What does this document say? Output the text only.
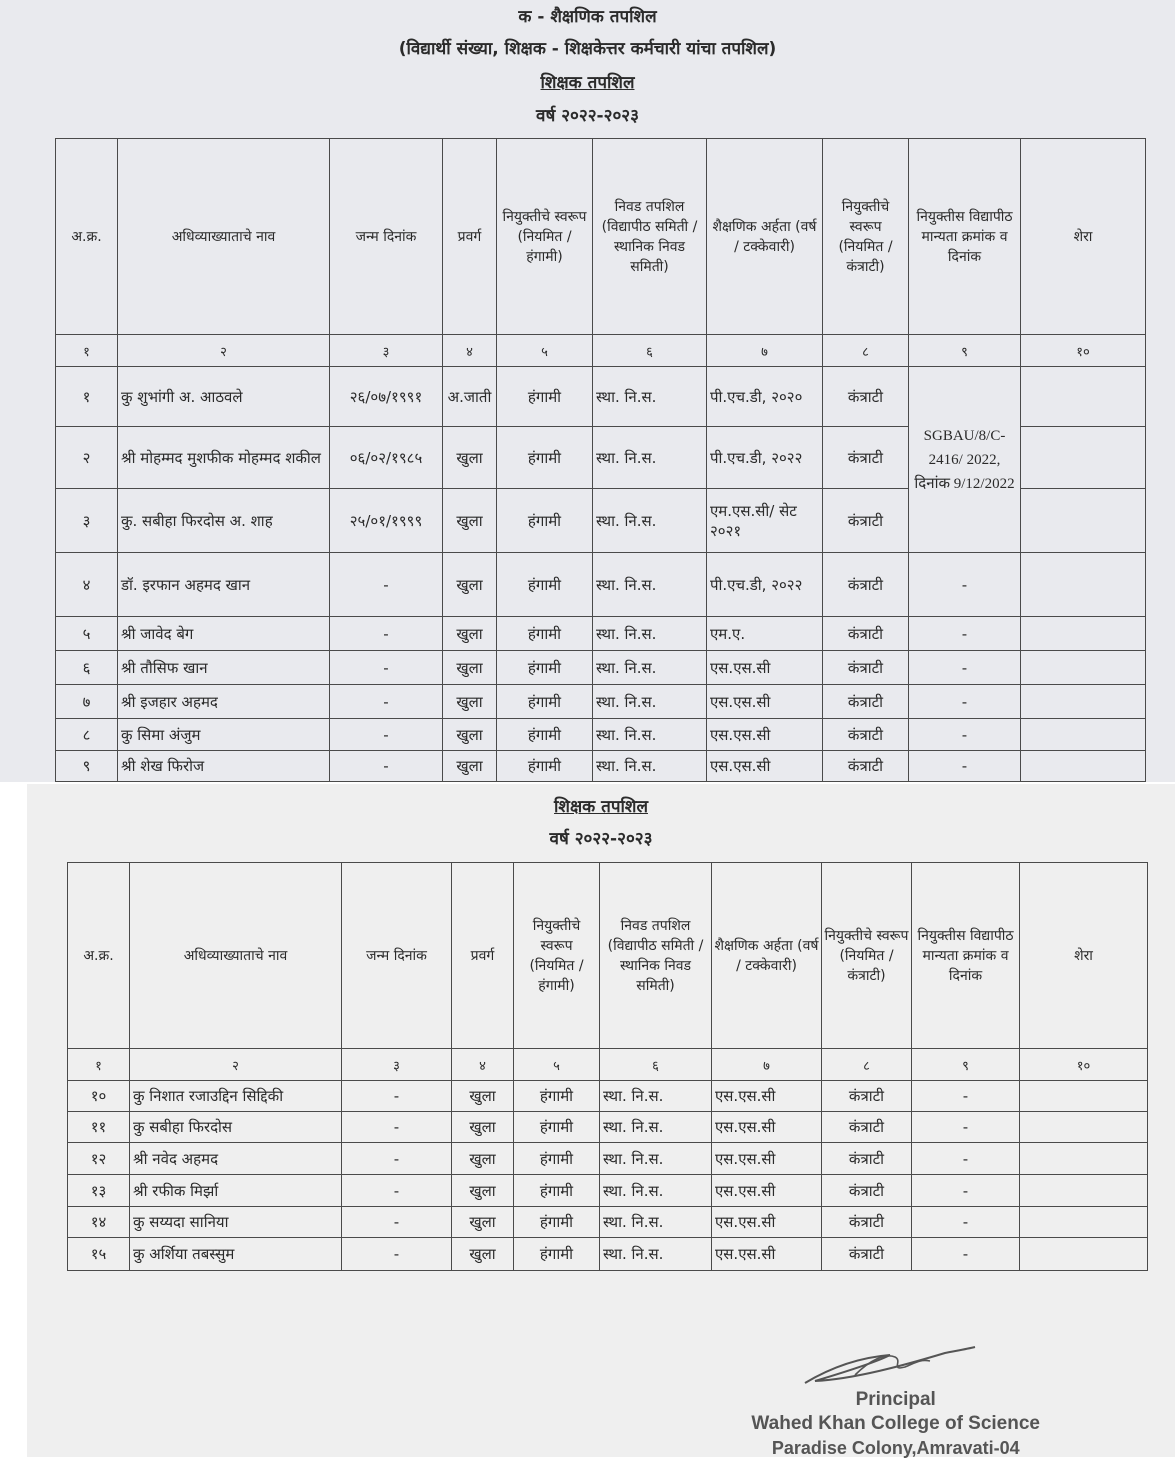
क - शैक्षणिक तपशिल
(विद्यार्थी संख्या, शिक्षक - शिक्षकेत्तर कर्मचारी यांचा तपशिल)
शिक्षक तपशिल
वर्ष २०२२-२०२३
अ.क्र.	अधिव्याख्याताचे नाव	जन्म दिनांक	प्रवर्ग	नियुक्तीचे स्वरूप (नियमित / हंगामी)	निवड तपशिल (विद्यापीठ समिती / स्थानिक निवड समिती)	शैक्षणिक अर्हता (वर्ष / टक्केवारी)	नियुक्तीचे स्वरूप (नियमित / कंत्राटी)	नियुक्तीस विद्यापीठ मान्यता क्रमांक व दिनांक	शेरा
१	२	३	४	५	६	७	८	९	१०
१	कु शुभांगी अ. आठवले	२६/०७/१९९१	अ.जाती	हंगामी	स्था. नि.स.	पी.एच.डी, २०२०	कंत्राटी	SGBAU/8/C-2416/ 2022, दिनांक 9/12/2022	
२	श्री मोहम्मद मुशफीक मोहम्मद शकील	०६/०२/१९८५	खुला	हंगामी	स्था. नि.स.	पी.एच.डी, २०२२	कंत्राटी		
३	कु. सबीहा फिरदोस अ. शाह	२५/०१/१९९९	खुला	हंगामी	स्था. नि.स.	एम.एस.सी/ सेट २०२१	कंत्राटी		
४	डॉ. इरफान अहमद खान	-	खुला	हंगामी	स्था. नि.स.	पी.एच.डी, २०२२	कंत्राटी	-	
५	श्री जावेद बेग	-	खुला	हंगामी	स्था. नि.स.	एम.ए.	कंत्राटी	-	
६	श्री तौसिफ खान	-	खुला	हंगामी	स्था. नि.स.	एस.एस.सी	कंत्राटी	-	
७	श्री इजहार अहमद	-	खुला	हंगामी	स्था. नि.स.	एस.एस.सी	कंत्राटी	-	
८	कु सिमा अंजुम	-	खुला	हंगामी	स्था. नि.स.	एस.एस.सी	कंत्राटी	-	
९	श्री शेख फिरोज	-	खुला	हंगामी	स्था. नि.स.	एस.एस.सी	कंत्राटी	-	
शिक्षक तपशिल
वर्ष २०२२-२०२३
अ.क्र.	अधिव्याख्याताचे नाव	जन्म दिनांक	प्रवर्ग	नियुक्तीचे स्वरूप (नियमित / हंगामी)	निवड तपशिल (विद्यापीठ समिती / स्थानिक निवड समिती)	शैक्षणिक अर्हता (वर्ष / टक्केवारी)	नियुक्तीचे स्वरूप (नियमित / कंत्राटी)	नियुक्तीस विद्यापीठ मान्यता क्रमांक व दिनांक	शेरा
१	२	३	४	५	६	७	८	९	१०
१०	कु निशात रजाउद्दिन सिद्दिकी	-	खुला	हंगामी	स्था. नि.स.	एस.एस.सी	कंत्राटी	-	
११	कु सबीहा फिरदोस	-	खुला	हंगामी	स्था. नि.स.	एस.एस.सी	कंत्राटी	-	
१२	श्री नवेद अहमद	-	खुला	हंगामी	स्था. नि.स.	एस.एस.सी	कंत्राटी	-	
१३	श्री रफीक मिर्झा	-	खुला	हंगामी	स्था. नि.स.	एस.एस.सी	कंत्राटी	-	
१४	कु सय्यदा सानिया	-	खुला	हंगामी	स्था. नि.स.	एस.एस.सी	कंत्राटी	-	
१५	कु अर्शिया तबस्सुम	-	खुला	हंगामी	स्था. नि.स.	एस.एस.सी	कंत्राटी	-	
Principal
Wahed Khan College of Science
Paradise Colony,Amravati-04
